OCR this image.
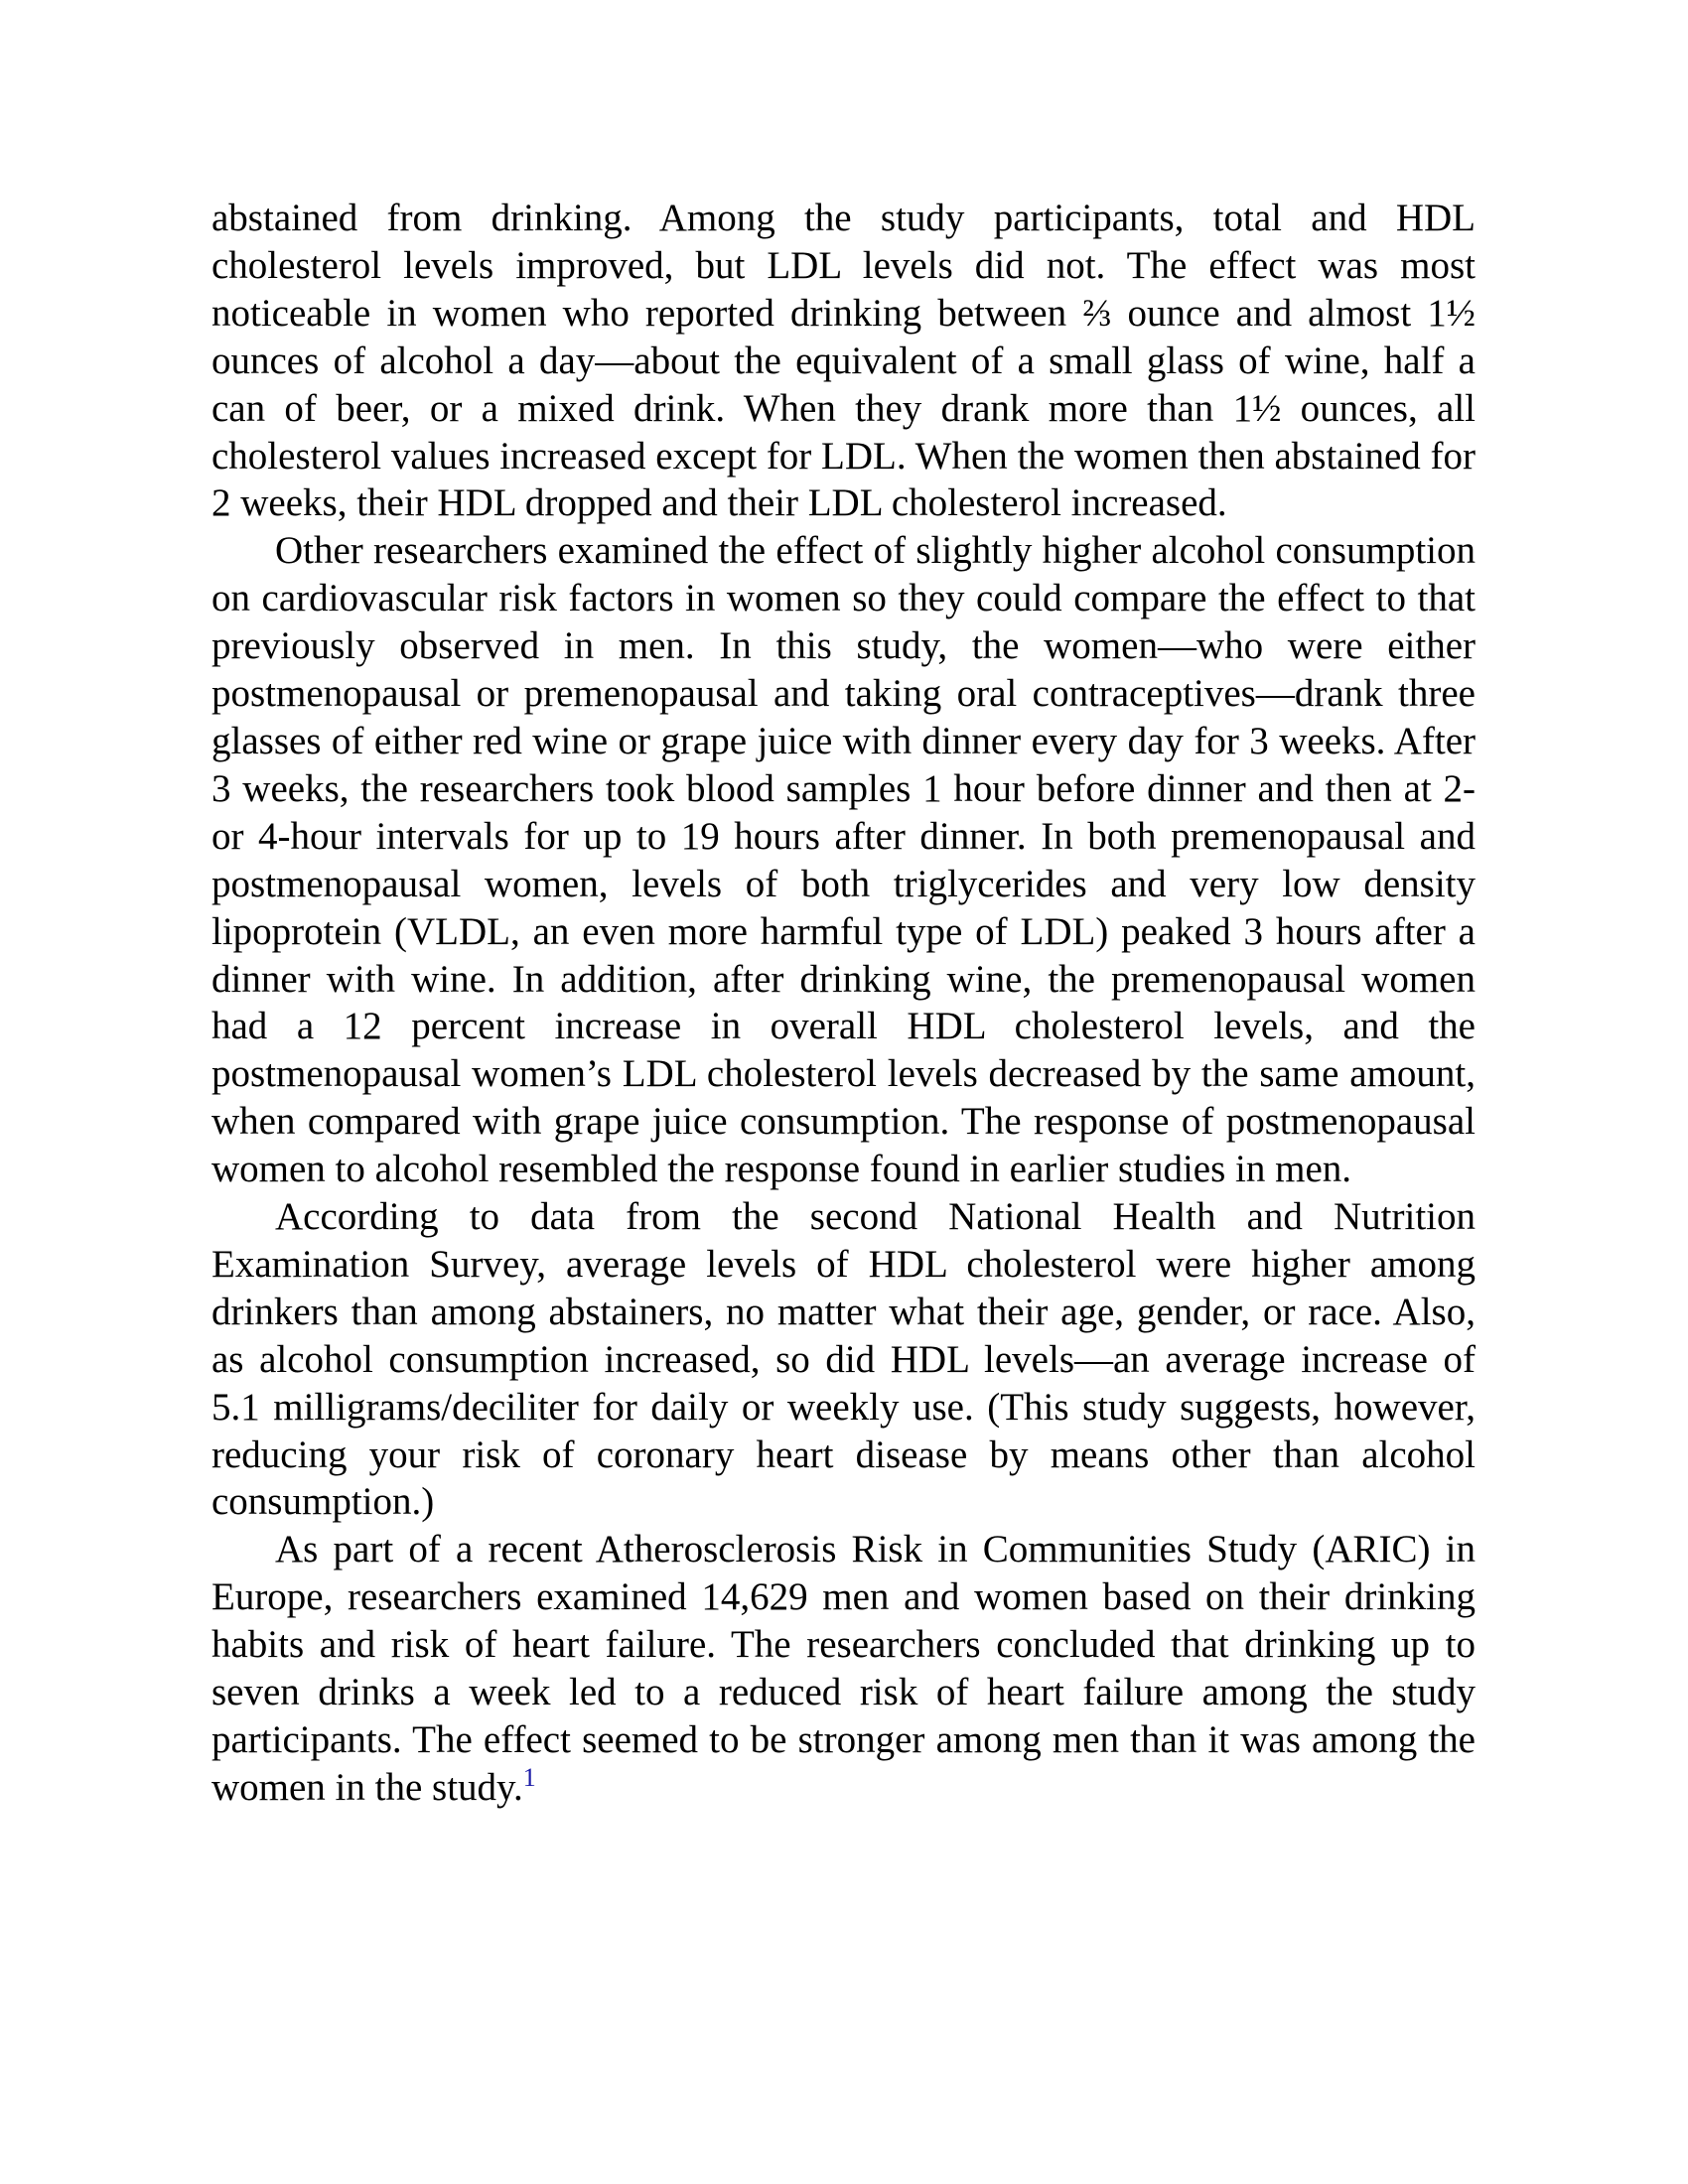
abstained from drinking. Among the study participants, total and HDL cholesterol levels improved, but LDL levels did not. The effect was most noticeable in women who reported drinking between ⅔ ounce and almost 1½ ounces of alcohol a day—about the equivalent of a small glass of wine, half a can of beer, or a mixed drink. When they drank more than 1½ ounces, all cholesterol values increased except for LDL. When the women then abstained for 2 weeks, their HDL dropped and their LDL cholesterol increased.

Other researchers examined the effect of slightly higher alcohol consumption on cardiovascular risk factors in women so they could compare the effect to that previously observed in men. In this study, the women—who were either postmenopausal or premenopausal and taking oral contraceptives—drank three glasses of either red wine or grape juice with dinner every day for 3 weeks. After 3 weeks, the researchers took blood samples 1 hour before dinner and then at 2- or 4-hour intervals for up to 19 hours after dinner. In both premenopausal and postmenopausal women, levels of both triglycerides and very low density lipoprotein (VLDL, an even more harmful type of LDL) peaked 3 hours after a dinner with wine. In addition, after drinking wine, the premenopausal women had a 12 percent increase in overall HDL cholesterol levels, and the postmenopausal women’s LDL cholesterol levels decreased by the same amount, when compared with grape juice consumption. The response of postmenopausal women to alcohol resembled the response found in earlier studies in men.

According to data from the second National Health and Nutrition Examination Survey, average levels of HDL cholesterol were higher among drinkers than among abstainers, no matter what their age, gender, or race. Also, as alcohol consumption increased, so did HDL levels—an average increase of 5.1 milligrams/deciliter for daily or weekly use. (This study suggests, however, reducing your risk of coronary heart disease by means other than alcohol consumption.)

As part of a recent Atherosclerosis Risk in Communities Study (ARIC) in Europe, researchers examined 14,629 men and women based on their drinking habits and risk of heart failure. The researchers concluded that drinking up to seven drinks a week led to a reduced risk of heart failure among the study participants. The effect seemed to be stronger among men than it was among the women in the study.$^1$
